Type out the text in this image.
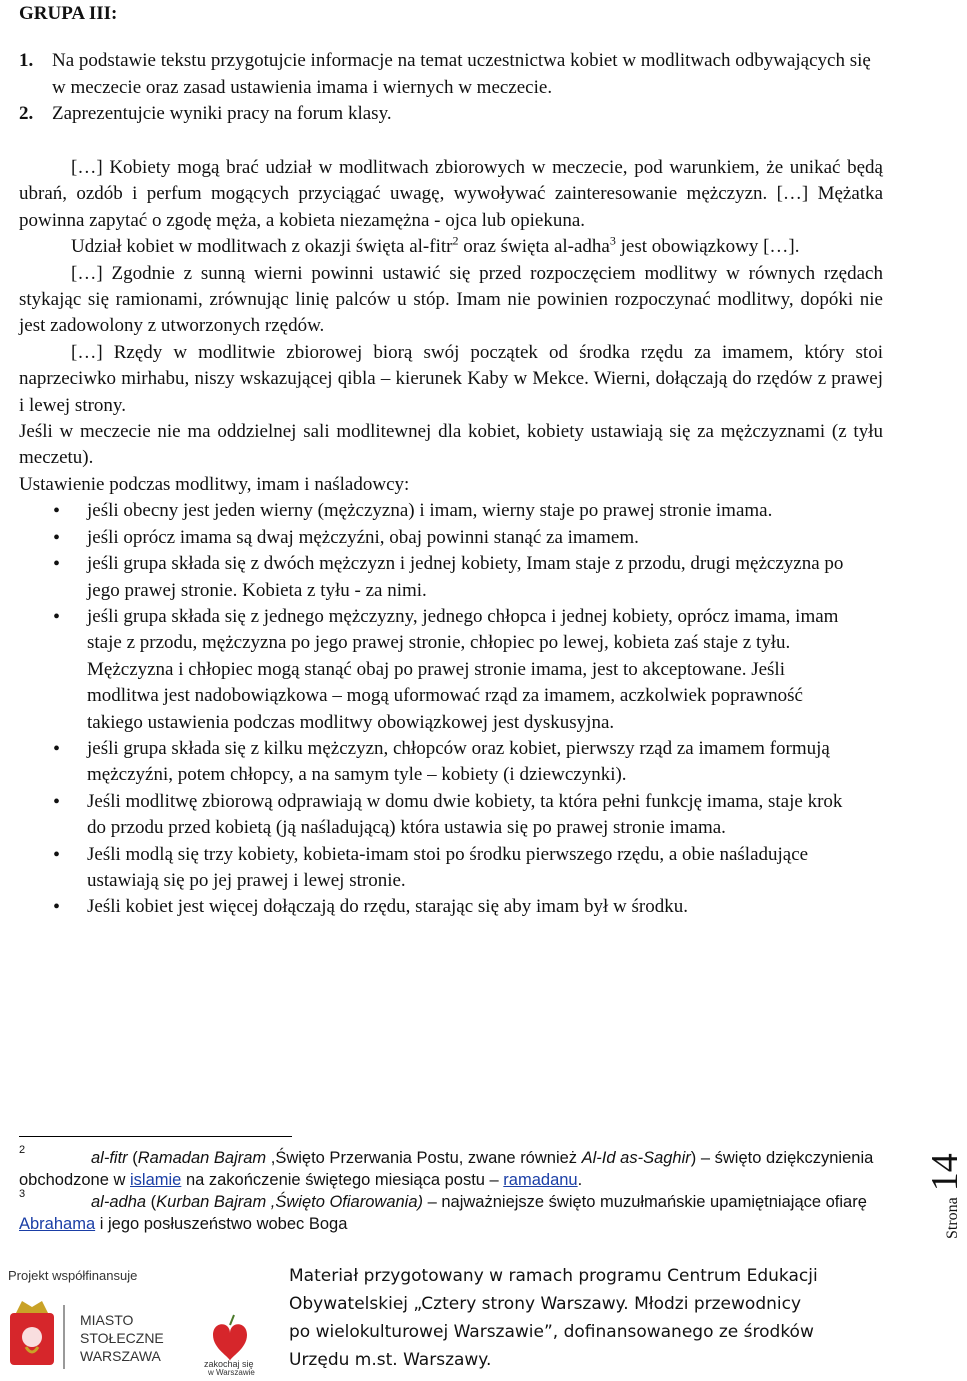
GRUPA III:
1. Na podstawie tekstu przygotujcie informacje na temat uczestnictwa kobiet w modlitwach odbywających się w meczecie oraz zasad ustawienia imama i wiernych w meczecie.
2. Zaprezentujcie wyniki pracy na forum klasy.

[…] Kobiety mogą brać udział w modlitwach zbiorowych w meczecie, pod warunkiem, że unikać będą ubrań, ozdób i perfum mogących przyciągać uwagę, wywoływać zainteresowanie mężczyzn. […] Mężatka powinna zapytać o zgodę męża, a kobieta niezamężna - ojca lub opiekuna.

Udział kobiet w modlitwach z okazji święta al-fitr$^2$ oraz święta al-adha$^3$ jest obowiązkowy […].

[…] Zgodnie z sunną wierni powinni ustawić się przed rozpoczęciem modlitwy w równych rzędach stykając się ramionami, zrównując linię palców u stóp. Imam nie powinien rozpoczynać modlitwy, dopóki nie jest zadowolony z utworzonych rzędów.

[…] Rzędy w modlitwie zbiorowej biorą swój początek od środka rzędu za imamem, który stoi naprzeciwko mirhabu, niszy wskazującej qibla – kierunek Kaby w Mekce. Wierni, dołączają do rzędów z prawej i lewej strony.

Jeśli w meczecie nie ma oddzielnej sali modlitewnej dla kobiet, kobiety ustawiają się za mężczyznami (z tyłu meczetu).

Ustawienie podczas modlitwy, imam i naśladowcy:

• jeśli obecny jest jeden wierny (mężczyzna) i imam, wierny staje po prawej stronie imama.
• jeśli oprócz imama są dwaj mężczyźni, obaj powinni stanąć za imamem.
• jeśli grupa składa się z dwóch mężczyzn i jednej kobiety, Imam staje z przodu, drugi mężczyzna po jego prawej stronie. Kobieta z tyłu - za nimi.
• jeśli grupa składa się z jednego mężczyzny, jednego chłopca i jednej kobiety, oprócz imama, imam staje z przodu, mężczyzna po jego prawej stronie, chłopiec po lewej, kobieta zaś staje z tyłu. Mężczyzna i chłopiec mogą stanąć obaj po prawej stronie imama, jest to akceptowane. Jeśli modlitwa jest nadobowiązkowa – mogą uformować rząd za imamem, aczkolwiek poprawność takiego ustawienia podczas modlitwy obowiązkowej jest dyskusyjna.
• jeśli grupa składa się z kilku mężczyzn, chłopców oraz kobiet, pierwszy rząd za imamem formują mężczyźni, potem chłopcy, a na samym tyle – kobiety (i dziewczynki).
• Jeśli modlitwę zbiorową odprawiają w domu dwie kobiety, ta która pełni funkcję imama, staje krok do przodu przed kobietą (ją naśladującą) która ustawia się po prawej stronie imama.
• Jeśli modlą się trzy kobiety, kobieta-imam stoi po środku pierwszego rzędu, a obie naśladujące ustawiają się po jej prawej i lewej stronie.
• Jeśli kobiet jest więcej dołączają do rzędu, starając się aby imam był w środku.
2	al-fitr (Ramadan Bajram ,Święto Przerwania Postu, zwane również Al-Id as-Saghir) – święto dziękczynienia obchodzone w islamie na zakończenie świętego miesiąca postu – ramadanu.
3	al-adha (Kurban Bajram ,Święto Ofiarowania) – najważniejsze święto muzułmańskie upamiętniające ofiarę Abrahama i jego posłuszeństwo wobec Boga	Strona14
Projekt współfinansuje
MIASTO
STOŁECZNE
WARSZAWA	zakochaj się
w Warszawie
Materiał przygotowany w ramach programu Centrum Edukacji
Obywatelskiej „Cztery strony Warszawy. Młodzi przewodnicy
po wielokulturowej Warszawie”, dofinansowanego ze środków
Urzędu m.st. Warszawy.
